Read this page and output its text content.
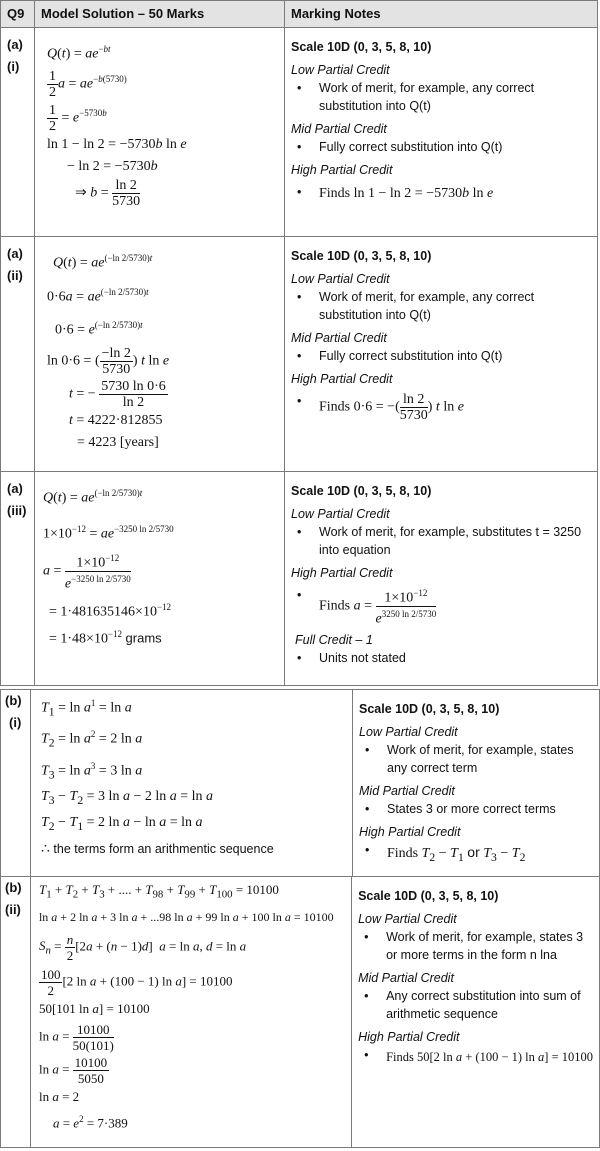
Q9	Model Solution – 50 Marks	Marking Notes
(a)
(i)
$Q(t) = ae^{-bt}$
$\frac{1}{2}$ $a = ae^{-b(5730)}$
$\frac{1}{2} = e^{-5730b}$
ln 1 − ln 2 = −5730b ln e
− ln 2 = −5730b
⇒ $b = \frac{\ln 2}{5730}$
Scale 10D (0, 3, 5, 8, 10)
Low Partial Credit
•
Work of merit, for example, any correct substitution into Q(t)
Mid Partial Credit
•
Fully correct substitution into Q(t)
High Partial Credit
•
Finds ln 1 − ln 2 = −5730b ln e
(a)
(ii)
$Q(t) = ae^{(-ln 2/5730)t}$
$0\cdot 6a = ae^{(-ln 2/5730)t}$
$0\cdot 6 = e^{(-ln 2/5730)t}$
ln 0·6 = ( $\frac{-\ln 2}{5730}$ ) t ln e
t = − $\frac{5730 \ln 0\cdot 6}{\ln 2}$
t = 4222·812855
= 4223 [years]
Scale 10D (0, 3, 5, 8, 10)
Low Partial Credit
•
Work of merit, for example, any correct substitution into Q(t)
Mid Partial Credit
•
Fully correct substitution into Q(t)
High Partial Credit
•
Finds 0·6 = −( $\frac{\ln 2}{5730}$ ) t ln e
(a)
(iii)
$Q(t) = ae^{(-ln 2/5730)t}$
$1\times 10^{-12} = ae^{-3250 ln 2/5730}$
$a = \frac{1\times 10^{-12}}{e^{-3250 ln 2/5730}}$
= $1\cdot 481635146\times 10^{-12}$
= $1\cdot 48\times 10^{-12}$ grams
Scale 10D (0, 3, 5, 8, 10)
Low Partial Credit
•
Work of merit, for example, substitutes t = 3250 into equation
High Partial Credit
•
Finds $a = \frac{1\times 10^{-12}}{e^{3250 ln 2/5730}}$
Full Credit – 1
•
Units not stated
(b)
(i)
$T_1 = \ln a^1 = \ln a$
$T_2 = \ln a^2 = 2$ ln a
$T_3 = \ln a^3 = 3$ ln a
$T_3 - T_2 = 3$ ln a − 2 ln a = ln a
$T_2 - T_1 = 2$ ln a − ln a = ln a
∴ the terms form an arithmentic sequence
Scale 10D (0, 3, 5, 8, 10)
Low Partial Credit
•
Work of merit, for example, states any correct term
Mid Partial Credit
•
States 3 or more correct terms
High Partial Credit
•
Finds $T_2 - T_1$ or $T_3 - T_2$
(b)
(ii)
$T_1 + T_2 + T_3$ + .... + $T_{98} + T_{99} + T_{100} = 10100$
ln a + 2 ln a + 3 ln a + ...98 ln a + 99 ln a + 100 ln a = 10100
$S_n = \frac{n}{2} [2a + (n - 1)d] a = \ln a$, d = ln a
$\frac{100}{2} [2$ ln a + (100 − 1) ln a] = 10100
50[101 ln a] = 10100
$\ln a = \frac{10100}{50(101)}$
$\ln a = \frac{10100}{5050}$
ln a = 2
$a = e^2 = 7\cdot 389$
Scale 10D (0, 3, 5, 8, 10)
Low Partial Credit
•
Work of merit, for example, states 3 or more terms in the form n lna
Mid Partial Credit
•
Any correct substitution into sum of arithmetic sequence
High Partial Credit
•
Finds 50[2 ln a + (100 − 1) ln a] = 10100
